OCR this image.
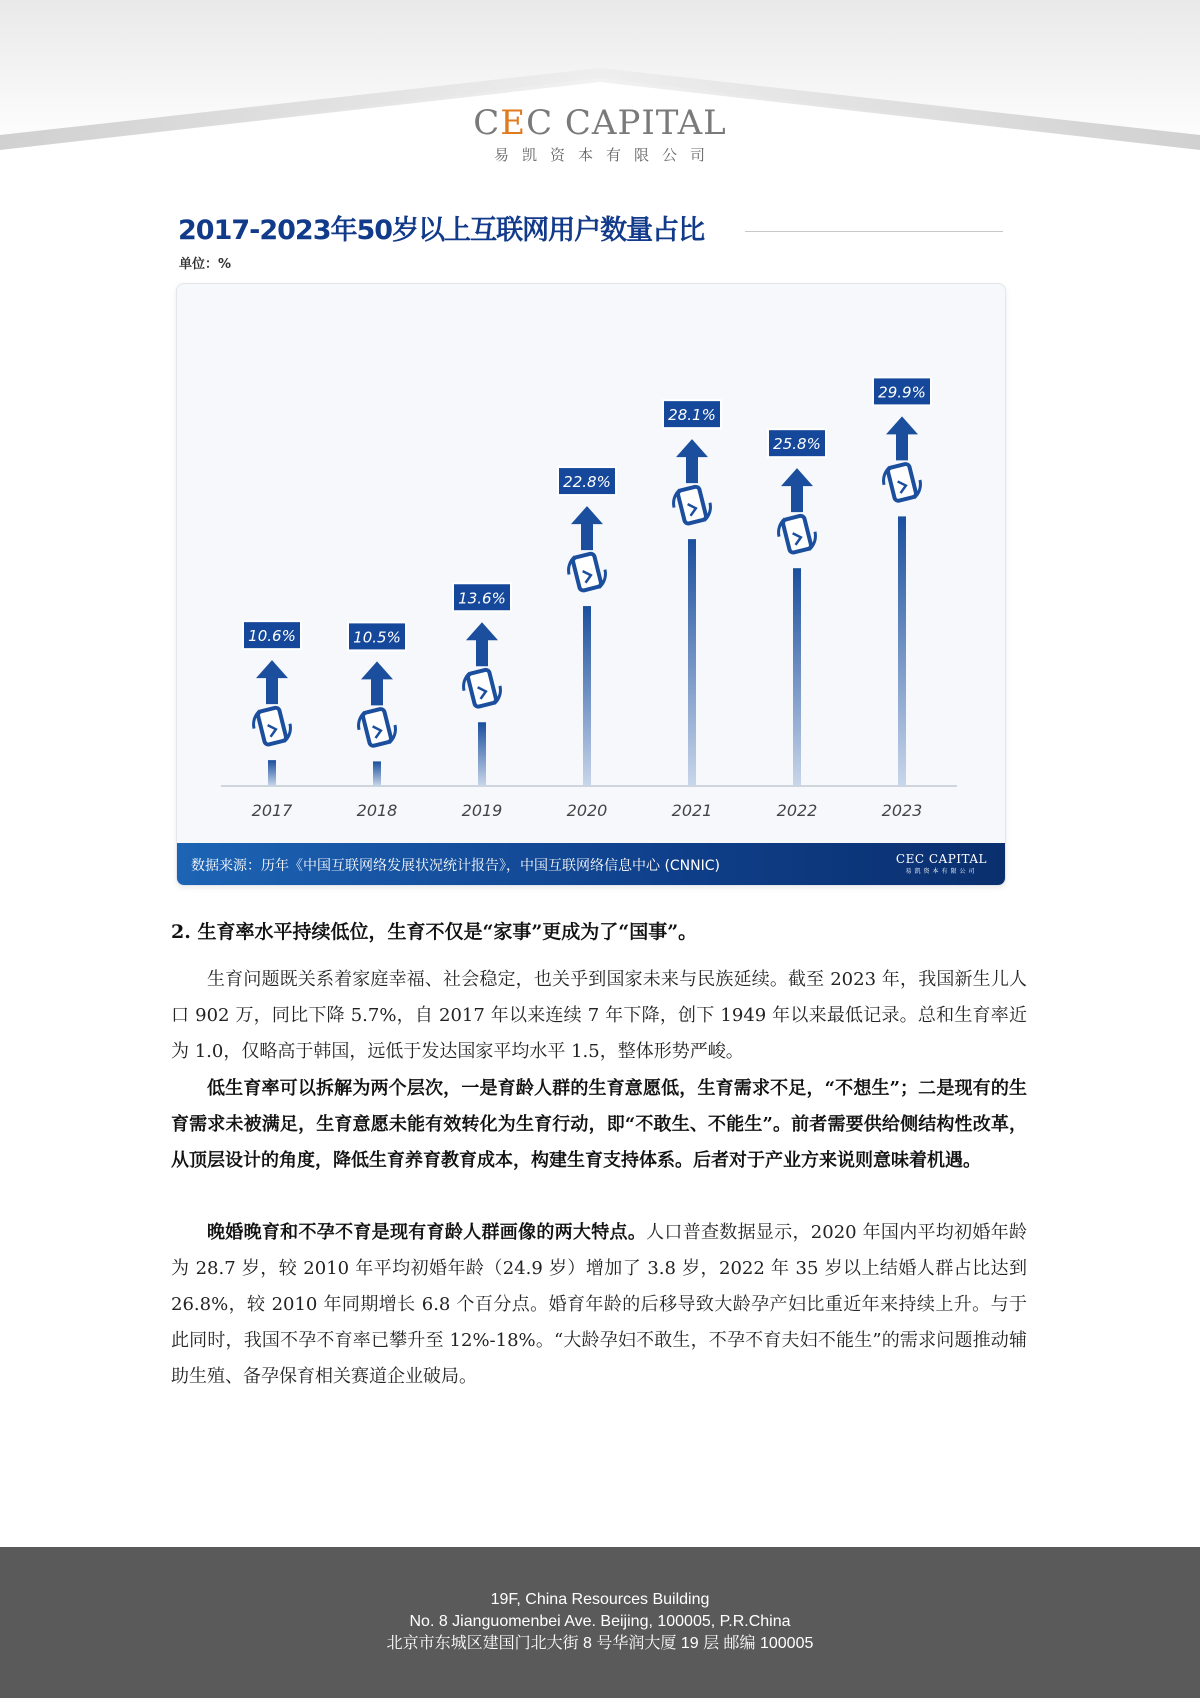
CEC CAPITAL
易凯资本有限公司
2017-2023年50岁以上互联网用户数量占比
单位：%
10.6%
2017
10.5%
2018
13.6%
2019
22.8%
2020
28.1%
2021
25.8%
2022
29.9%
2023
数据来源：历年《中国互联网络发展状况统计报告》，中国互联网络信息中心 (CNNIC)	CEC CAPITAL
易凯资本有限公司
2. 生育率水平持续低位，生育不仅是“家事”更成为了“国事”。
生育问题既关系着家庭幸福、社会稳定，也关乎到国家未来与民族延续。截至 2023 年，我国新生儿人口 902 万，同比下降 5.7%，自 2017 年以来连续 7 年下降，创下 1949 年以来最低记录。总和生育率近为 1.0，仅略高于韩国，远低于发达国家平均水平 1.5，整体形势严峻。
低生育率可以拆解为两个层次，一是育龄人群的生育意愿低，生育需求不足，“不想生”；二是现有的生育需求未被满足，生育意愿未能有效转化为生育行动，即“不敢生、不能生”。前者需要供给侧结构性改革，从顶层设计的角度，降低生育养育教育成本，构建生育支持体系。后者对于产业方来说则意味着机遇。
晚婚晚育和不孕不育是现有育龄人群画像的两大特点。人口普查数据显示，2020 年国内平均初婚年龄为 28.7 岁，较 2010 年平均初婚年龄（24.9 岁）增加了 3.8 岁，2022 年 35 岁以上结婚人群占比达到 26.8%，较 2010 年同期增长 6.8 个百分点。婚育年龄的后移导致大龄孕产妇比重近年来持续上升。与于此同时，我国不孕不育率已攀升至 12%-18%。“大龄孕妇不敢生，不孕不育夫妇不能生”的需求问题推动辅助生殖、备孕保育相关赛道企业破局。
19F, China Resources Building
No. 8 Jianguomenbei Ave. Beijing, 100005, P.R.China
北京市东城区建国门北大街 8 号华润大厦 19 层 邮编 100005
